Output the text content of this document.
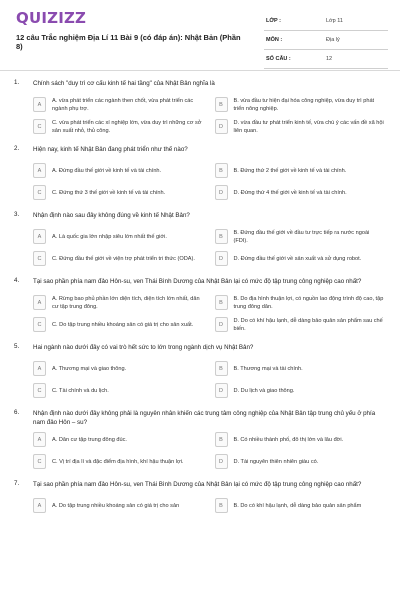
QUIZIZZ
12 câu Trắc nghiệm Địa Lí 11 Bài 9 (có đáp án): Nhật Bản (Phần 8)
LỚP :	Lớp 11
MÔN :	Địa lý
SỐ CÂU :	12
1.	Chính sách "duy trì cơ cấu kinh tế hai tầng" của Nhật Bản nghĩa là
A
A. vừa phát triển các ngành then chốt, vừa phát triển các ngành phụ trợ.
B
B. vừa đầu tư hiện đại hóa công nghiệp, vừa duy trì phát triển nông nghiệp.
C
C. vừa phát triển các xí nghiệp lớn, vừa duy trì những cơ sở sản xuất nhỏ, thủ công.
D
D. vừa đầu tư phát triển kinh tế, vừa chú ý các vấn đề xã hội liên quan.
2.	Hiện nay, kinh tế Nhật Bản đang phát triển như thế nào?
A	A. Đứng đầu thế giới về kinh tế và tài chính.	B	B. Đứng thứ 2 thế giới về kinh tế và tài chính.
C	C. Đứng thứ 3 thế giới về kinh tế và tài chính.	D	D. Đứng thứ 4 thế giới về kinh tế và tài chính.
3.	Nhận định nào sau đây không đúng về kinh tế Nhật Bản?
A	A. Là quốc gia lớn nhập siêu lớn nhất thế giới.	B
B. Đứng đầu thế giới về đầu tư trực tiếp ra nước ngoài (FDI).
C	C. Đứng đầu thế giới về viện trợ phát triển tri thức (ODA).	D	D. Đứng đầu thế giới về sản xuất và sử dụng robot.
4.	Tại sao phần phía nam đảo Hôn-su, ven Thái Bình Dương của Nhật Bản lại có mức độ tập trung công nghiệp cao nhất?
A
A. Rừng bao phủ phần lớn diện tích, diện tích lớn nhất, dân cư tập trung đông.
B
B. Do địa hình thuận lợi, có nguồn lao động trình độ cao, tập trung đông dân.
C	C. Do tập trung nhiều khoáng sản có giá trị cho sản xuất.	D
D. Do có khí hậu lạnh, dễ dàng bảo quản sản phẩm sau chế biến.
5.	Hai ngành nào dưới đây có vai trò hết sức to lớn trong ngành dịch vụ Nhật Bản?
A	A. Thương mại và giao thông.	B	B. Thương mại và tài chính.
C	C. Tài chính và du lịch.	D	D. Du lịch và giao thông.
6.	Nhận định nào dưới đây không phải là nguyên nhân khiến các trung tâm công nghiệp của Nhật Bản tập trung chủ yếu ở phía nam đảo Hôn – su?
A	A. Dân cư tập trung đông đúc.	B	B. Có nhiều thành phố, đô thị lớn và lâu đời.
C	C. Vị trí địa lí và đặc điểm địa hình, khí hậu thuận lợi.	D	D. Tài nguyên thiên nhiên giàu có.
7.	Tại sao phần phía nam đảo Hôn-su, ven Thái Bình Dương của Nhật Bản lại có mức độ tập trung công nghiệp cao nhất?
A	A. Do tập trung nhiều khoáng sản có giá trị cho sản	B	B. Do có khí hậu lạnh, dễ dàng bảo quản sản phẩm
